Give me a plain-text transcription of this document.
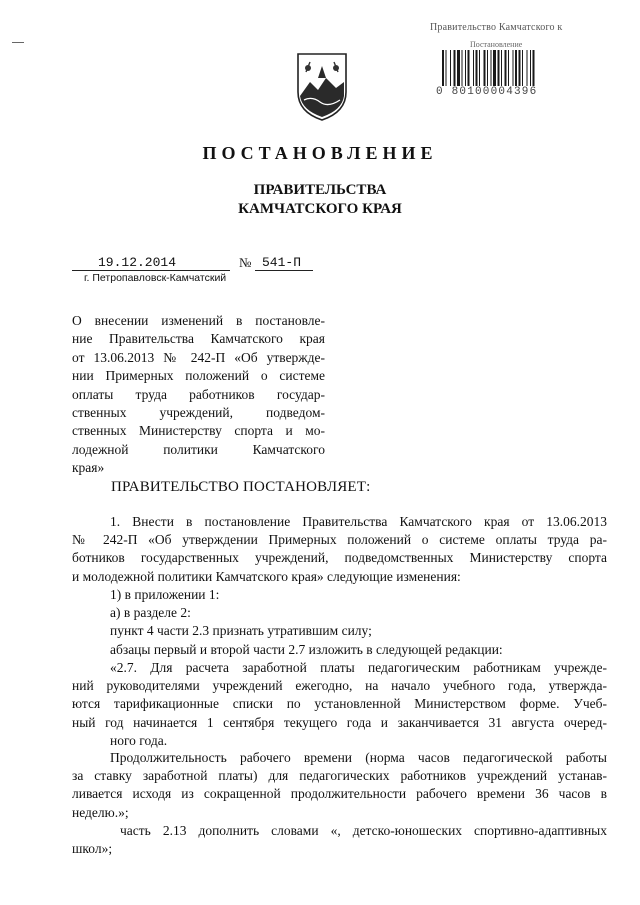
Правительство Камчатского к
Постановление
0 80100004396
ПОСТАНОВЛЕНИЕ
ПРАВИТЕЛЬСТВА
КАМЧАТСКОГО КРАЯ
19.12.2014	№ 541-П
г. Петропавловск-Камчатский
О внесении изменений в постановле-
ние Правительства Камчатского края
от 13.06.2013 № 242-П «Об утвержде-
нии Примерных положений о системе
оплаты труда работников государ-
ственных учреждений, подведом-
ственных Министерству спорта и мо-
лодежной политики Камчатского
края»
ПРАВИТЕЛЬСТВО ПОСТАНОВЛЯЕТ:
1. Внести в постановление Правительства Камчатского края от 13.06.2013
№ 242-П «Об утверждении Примерных положений о системе оплаты труда ра-
ботников государственных учреждений, подведомственных Министерству спорта
и молодежной политики Камчатского края» следующие изменения:
1) в приложении 1:
а) в разделе 2:
пункт 4 части 2.3 признать утратившим силу;
абзацы первый и второй части 2.7 изложить в следующей редакции:
«2.7. Для расчета заработной платы педагогическим работникам учрежде-
ний руководителями учреждений ежегодно, на начало учебного года, утвержда-
ются тарификационные списки по установленной Министерством форме. Учеб-
ный год начинается 1 сентября текущего года и заканчивается 31 августа очеред-
ного года.
Продолжительность рабочего времени (норма часов педагогической работы
за ставку заработной платы) для педагогических работников учреждений устанав-
ливается исходя из сокращенной продолжительности рабочего времени 36 часов в
неделю.»;
часть 2.13 дополнить словами «, детско-юношеских спортивно-адаптивных
школ»;
